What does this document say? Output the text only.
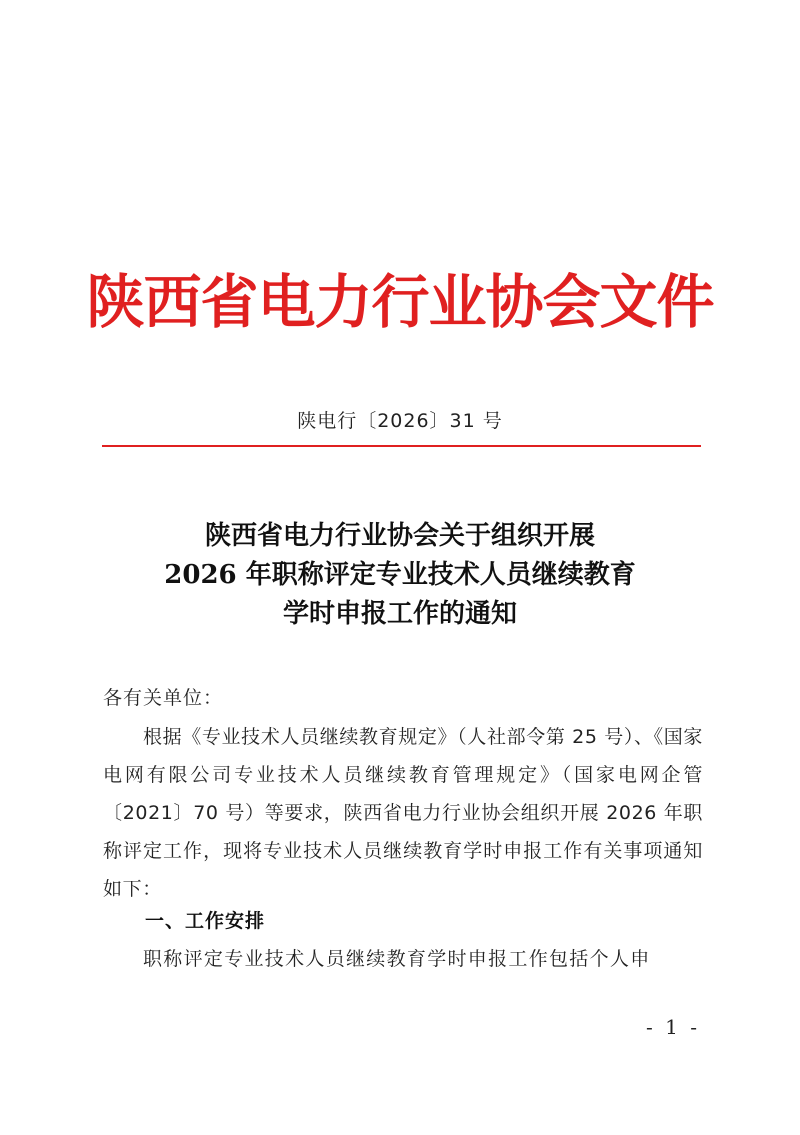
陕西省电力行业协会文件
陕电行〔2026〕31 号
陕西省电力行业协会关于组织开展
2026 年职称评定专业技术人员继续教育
学时申报工作的通知
各有关单位：
根据《专业技术人员继续教育规定》（人社部令第 25 号）、《国家电网有限公司专业技术人员继续教育管理规定》（国家电网企管〔2021〕70 号）等要求，陕西省电力行业协会组织开展 2026 年职称评定工作，现将专业技术人员继续教育学时申报工作有关事项通知如下：
一、工作安排
职称评定专业技术人员继续教育学时申报工作包括个人申
- 1 -
